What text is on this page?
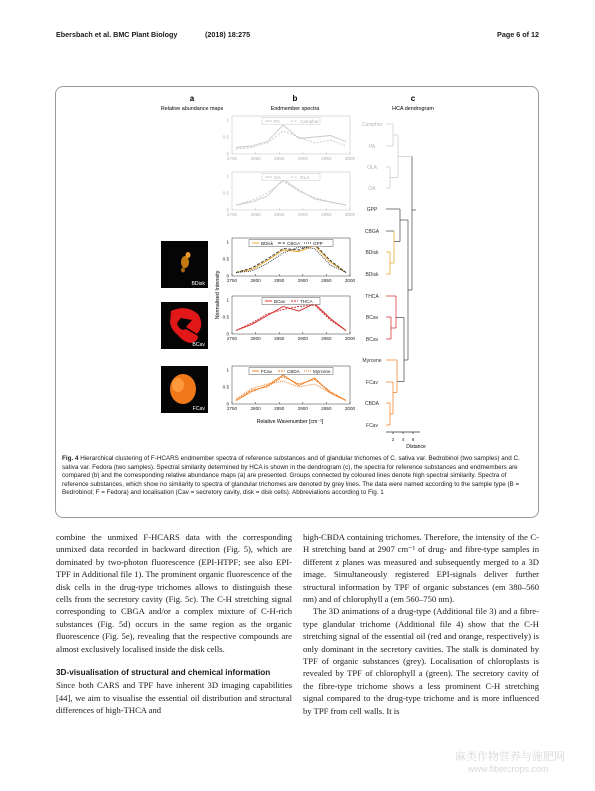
Ebersbach et al. BMC Plant Biology	(2018) 18:275	Page 6 of 12
a
Relative abundance maps
b
Endmember spectra
c
HCA dendrogram
BDisk
BCav
FCav
Normalised Intensity
2750	2800	2850	2900	2950	3000
0
0.5
1	PA	Camphor
2750	2800	2850	2900	2950	3000
0
0.5
1	OA	OLA
2750	2800	2850	2900	2950	3000
0
0.5
1	BDisk	CBGA	GPP
2750	2800	2850	2900	2950	3000
0
0.5
1	BCav	THCA
2750	2800	2850	2900	2950	3000
0
0.5
1	FCav	CBDA	Myrcene
Relative Wavenumber [cm⁻¹]
Camphor
PA
OLA
OA
GPP
CBGA
BDisk
BDisk
THCA
BCav
BCav
Myrcene
FCav
CBDA
FCav
2 4 6
Distance
Fig. 4 Hierarchical clustering of F-HCARS endmember spectra of reference substances and of glandular trichomes of C. sativa var. Bedrobinol (two samples) and C. sativa var. Fedora (two samples). Spectral similarity determined by HCA is shown in the dendrogram (c), the spectra for reference substances and endmembers are compared (b) and the corresponding relative abundance maps (a) are presented. Groups connected by coloured lines denote high spectral similarity. Spectra of reference substances, which show no similarity to spectra of glandular trichomes are denoted by grey lines. The data were named according to the sample type (B = Bedrobinol; F = Fedora) and localisation (Cav = secretory cavity, disk = disk cells). Abbreviations according to Fig. 1

combine the unmixed F-HCARS data with the corresponding unmixed data recorded in backward direction (Fig. 5), which are dominated by two-photon fluorescence (EPI-HTPF; see also EPI-TPF in Additional file 1). The prominent organic fluorescence of the disk cells in the drug-type trichomes allows to distinguish these cells from the secretory cavity (Fig. 5c). The C-H stretching signal corresponding to CBGA and/or a complex mixture of C-H-rich substances (Fig. 5d) occurs in the same region as the organic fluorescence (Fig. 5e), revealing that the respective compounds are almost exclusively localised inside the disk cells.

3D-visualisation of structural and chemical information

Since both CARS and TPF have inherent 3D imaging capabilities [44], we aim to visualise the essential oil distribution and structural differences of high-THCA and

high-CBDA containing trichomes. Therefore, the intensity of the C-H stretching band at 2907 cm⁻¹ of drug- and fibre-type samples in different z planes was measured and subsequently merged to a 3D image. Simultaneously registered EPI-signals deliver further structural information by TPF of organic substances (em 380–560 nm) and of chlorophyll a (em 560–750 nm).

The 3D animations of a drug-type (Additional file 3) and a fibre- type glandular trichome (Additional file 4) show that the C-H stretching signal of the essential oil (red and orange, respectively) is only dominant in the secretory cavities. The stalk is dominated by TPF of organic substances (grey). Localisation of chloroplasts is revealed by TPF of chlorophyll a (green). The secretory cavity of the fibre-type trichome shows a less prominent C-H stretching signal compared to the drug-type trichome and is more influenced by TPF from cell walls. It is

麻类作物营养与施肥网
www.fibercrops.com
